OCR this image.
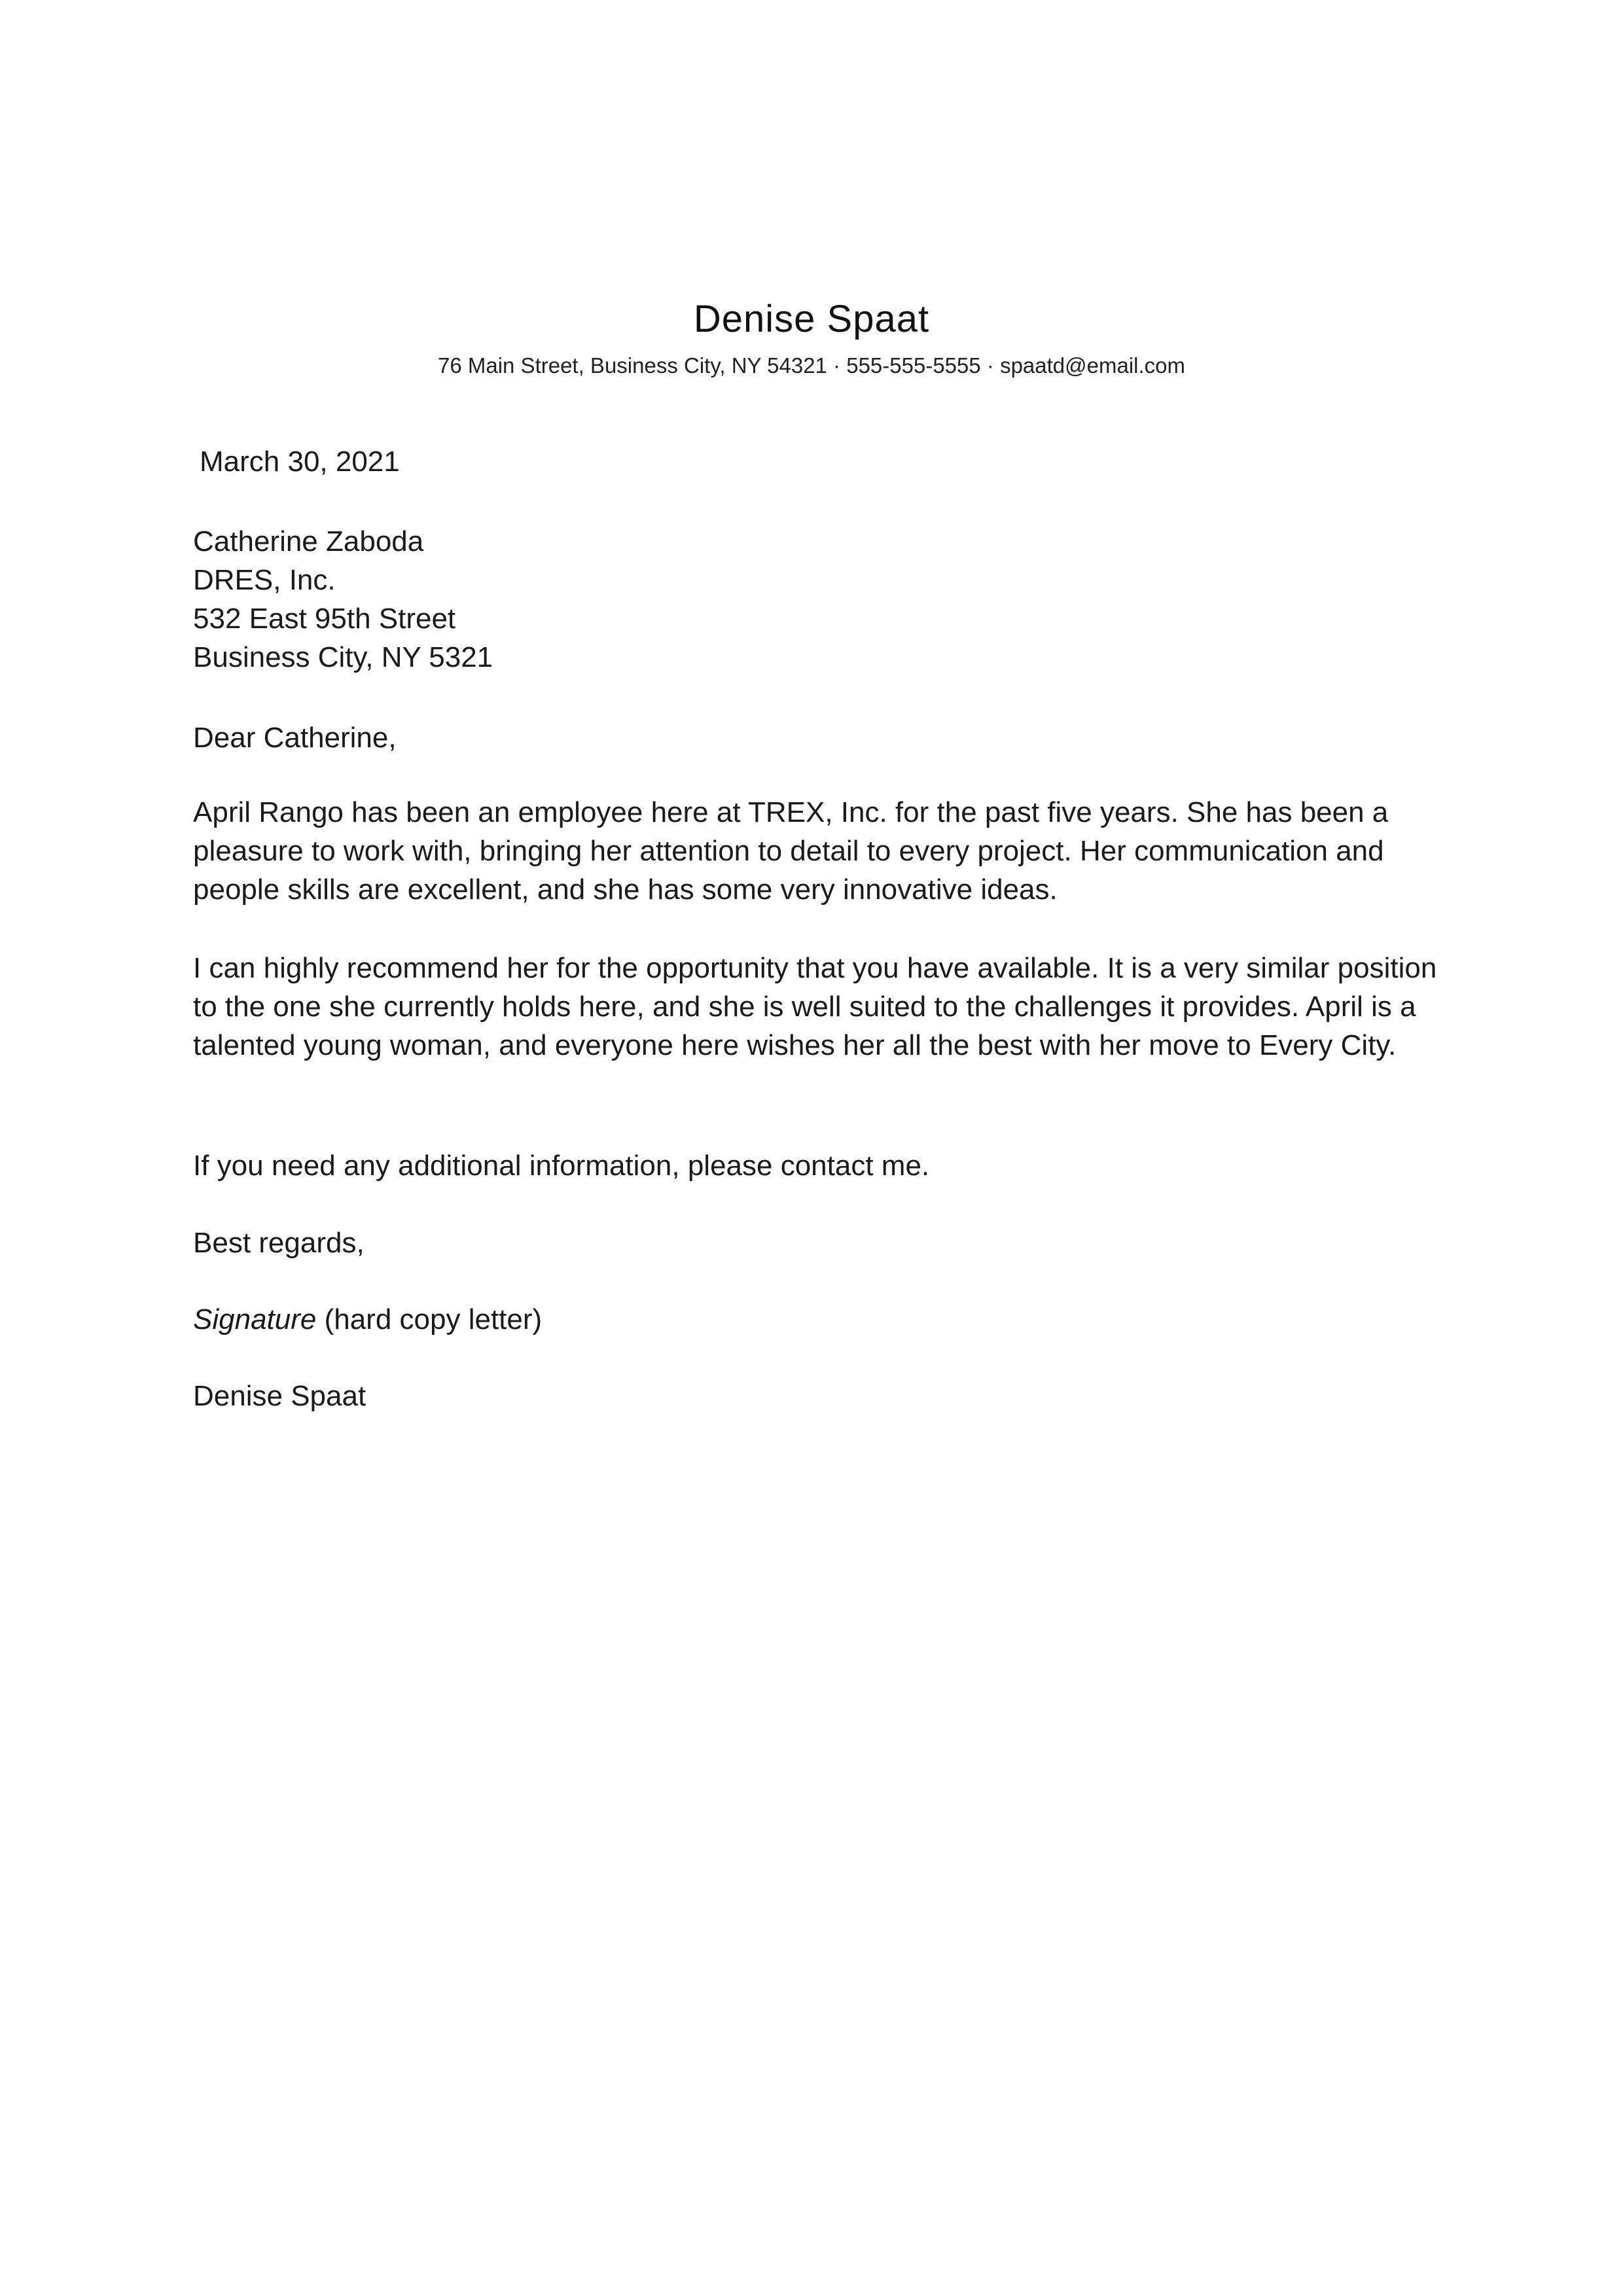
Denise Spaat
76 Main Street, Business City, NY 54321 · 555-555-5555 · spaatd@email.com
March 30, 2021
Catherine Zaboda
DRES, Inc.
532 East 95th Street
Business City, NY 5321
Dear Catherine,

April Rango has been an employee here at TREX, Inc. for the past five years. She has been a pleasure to work with, bringing her attention to detail to every project. Her communication and people skills are excellent, and she has some very innovative ideas.

I can highly recommend her for the opportunity that you have available. It is a very similar position to the one she currently holds here, and she is well suited to the challenges it provides. April is a talented young woman, and everyone here wishes her all the best with her move to Every City.

If you need any additional information, please contact me.

Best regards,
Signature (hard copy letter)
Denise Spaat
